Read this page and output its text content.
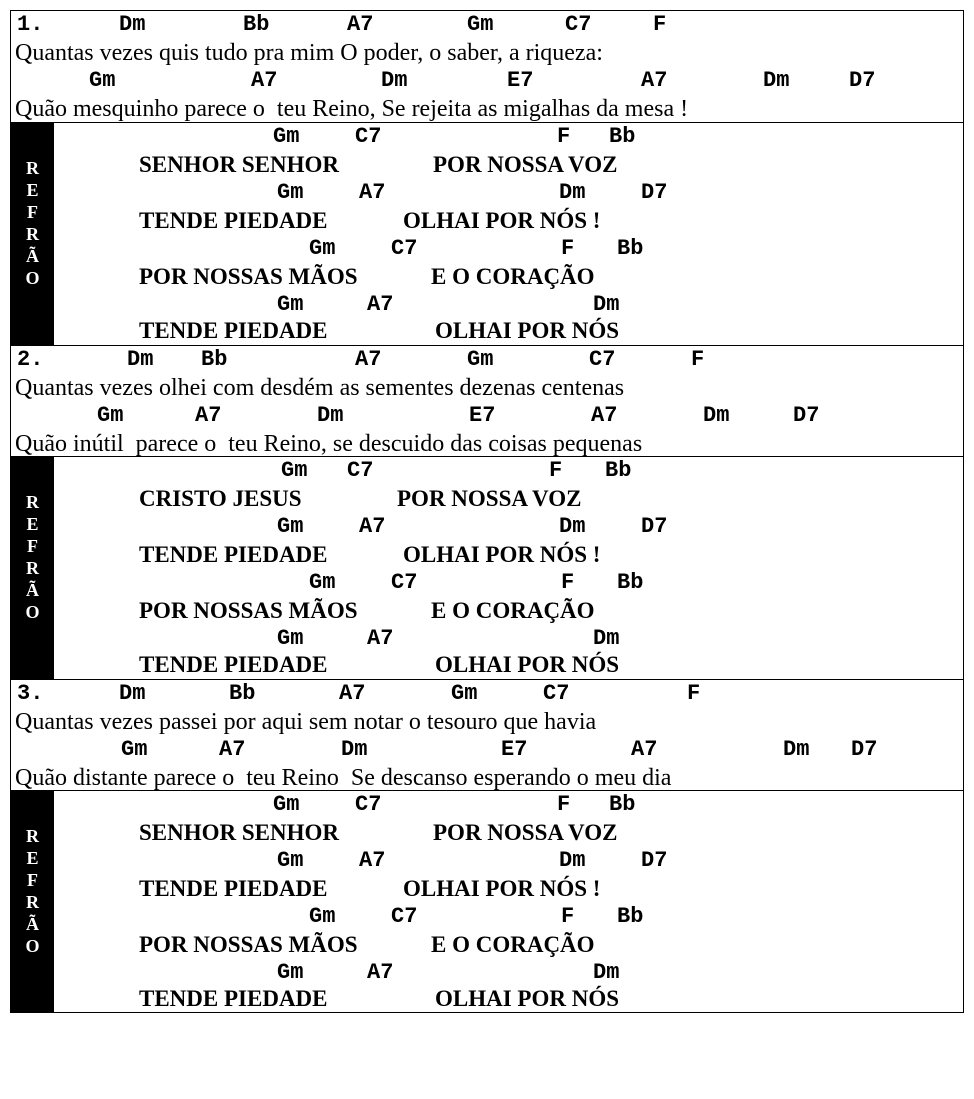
1.

	Dm

	Bb

	A7

	Gm

	C7

	F

Quantas vezes quis tudo pra mim O poder, o saber, a riqueza:

Gm

	A7

	Dm

	E7

	A7

	Dm

	D7

Quão mesquinho parece o  teu Reino, Se rejeita as migalhas da mesa !
R
E
F
R
Ã
O

Gm

	C7

	F

Bb

SENHOR SENHOR

	POR NOSSA VOZ

Gm

	A7

	Dm

	D7

TENDE PIEDADE

	OLHAI POR NÓS !

Gm

	C7

	F

Bb

POR NOSSAS MÃOS

	E O CORAÇÃO

Gm

	A7

	Dm

TENDE PIEDADE

	OLHAI POR NÓS

2.

	Dm

Bb

	A7

	Gm

	C7

	F

Quantas vezes olhei com desdém as sementes dezenas centenas

Gm

	A7

	Dm

	E7

	A7

	Dm

	D7

Quão inútil  parece o  teu Reino, se descuido das coisas pequenas
R
E
F
R
Ã
O

Gm

C7

	F

Bb

CRISTO JESUS

	POR NOSSA VOZ

Gm

	A7

	Dm

	D7

TENDE PIEDADE

	OLHAI POR NÓS !

Gm

	C7

	F

Bb

POR NOSSAS MÃOS

	E O CORAÇÃO

Gm

	A7

	Dm

TENDE PIEDADE

	OLHAI POR NÓS

3.

	Dm

	Bb

	A7

	Gm

	C7

	F

Quantas vezes passei por aqui sem notar o tesouro que havia

Gm

	A7

	Dm

	E7

	A7

	Dm

D7

Quão distante parece o  teu Reino  Se descanso esperando o meu dia
R
E
F
R
Ã
O

Gm

	C7

	F

Bb

SENHOR SENHOR

	POR NOSSA VOZ

Gm

	A7

	Dm

	D7

TENDE PIEDADE

	OLHAI POR NÓS !

Gm

	C7

	F

Bb

POR NOSSAS MÃOS

	E O CORAÇÃO

Gm

	A7

	Dm

TENDE PIEDADE

	OLHAI POR NÓS
